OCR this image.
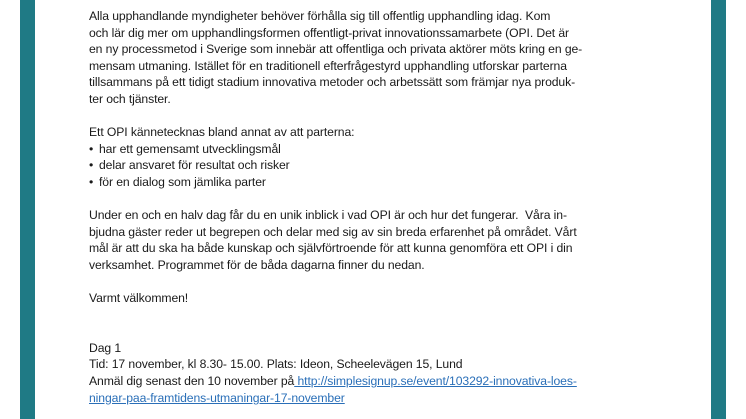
Alla upphandlande myndigheter behöver förhålla sig till offentlig upphandling idag. Kom
och lär dig mer om upphandlingsformen offentligt-privat innovationssamarbete (OPI. Det är
en ny processmetod i Sverige som innebär att offentliga och privata aktörer möts kring en ge-
mensam utmaning. Istället för en traditionell efterfrågestyrd upphandling utforskar parterna
tillsammans på ett tidigt stadium innovativa metoder och arbetssätt som främjar nya produk-
ter och tjänster.
Ett OPI kännetecknas bland annat av att parterna:
• har ett gemensamt utvecklingsmål
• delar ansvaret för resultat och risker
• för en dialog som jämlika parter
Under en och en halv dag får du en unik inblick i vad OPI är och hur det fungerar.  Våra in-
bjudna gäster reder ut begrepen och delar med sig av sin breda erfarenhet på området. Vårt
mål är att du ska ha både kunskap och självförtroende för att kunna genomföra ett OPI i din
verksamhet. Programmet för de båda dagarna finner du nedan.
Varmt välkommen!
Dag 1
Tid: 17 november, kl 8.30- 15.00. Plats: Ideon, Scheelevägen 15, Lund
Anmäl dig senast den 10 november på http://simplesignup.se/event/103292-innovativa-loes-
ningar-paa-framtidens-utmaningar-17-november
